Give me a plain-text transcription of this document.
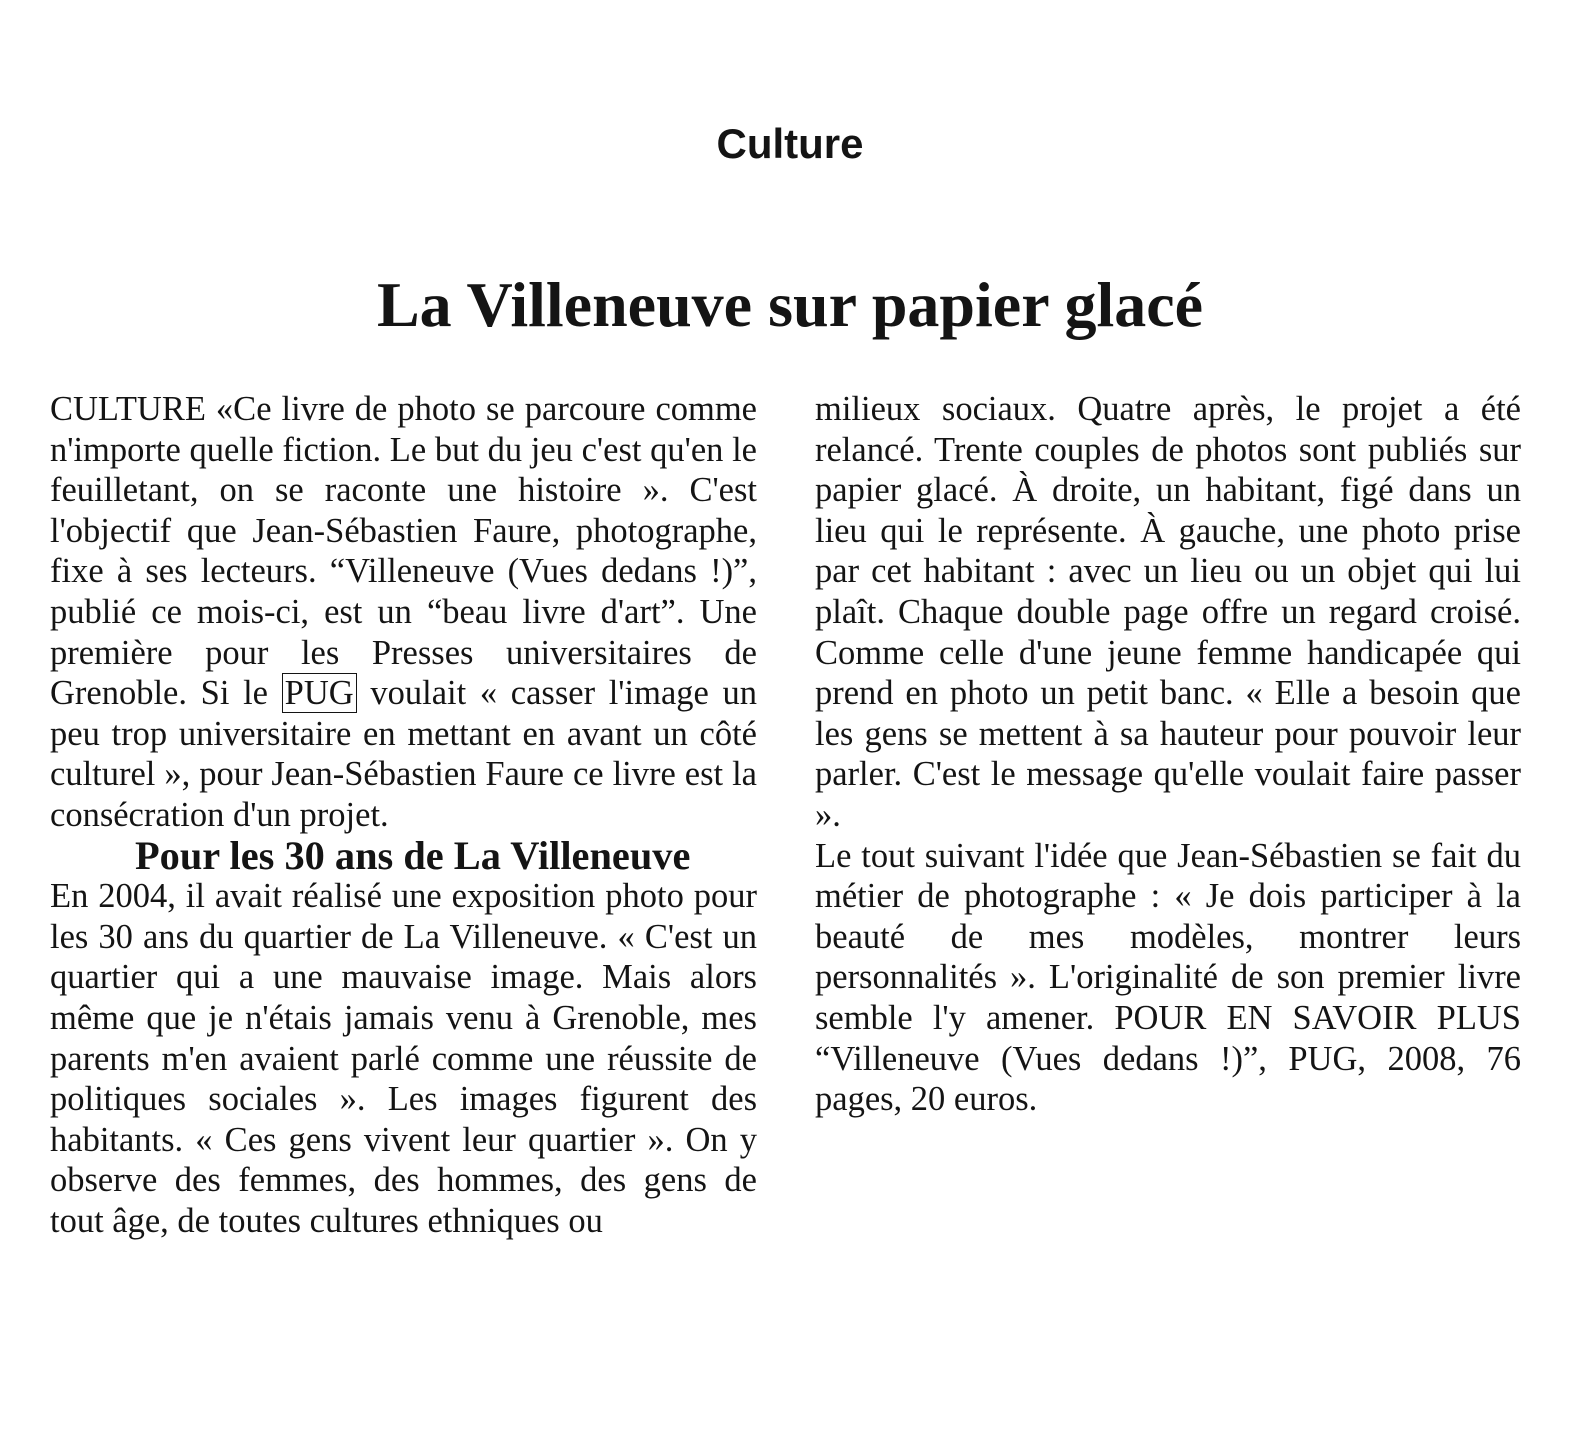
Culture
La Villeneuve sur papier glacé

CULTURE «Ce livre de photo se parcoure comme n'importe quelle fiction. Le but du jeu c'est qu'en le feuilletant, on se raconte une histoire ». C'est l'objectif que Jean-Sébastien Faure, photographe, fixe à ses lecteurs. “Villeneuve (Vues dedans !)”, publié ce mois-ci, est un “beau livre d'art”. Une première pour les Presses universitaires de Grenoble. Si le PUG voulait « casser l'image un peu trop universitaire en mettant en avant un côté culturel », pour Jean-Sébastien Faure ce livre est la consécration d'un projet.

Pour les 30 ans de La Villeneuve

En 2004, il avait réalisé une exposition photo pour les 30 ans du quartier de La Villeneuve. « C'est un quartier qui a une mauvaise image. Mais alors même que je n'étais jamais venu à Grenoble, mes parents m'en avaient parlé comme une réussite de politiques sociales ». Les images figurent des habitants. « Ces gens vivent leur quartier ». On y observe des femmes, des hommes, des gens de tout âge, de toutes cultures ethniques ou

milieux sociaux. Quatre après, le projet a été relancé. Trente couples de photos sont publiés sur papier glacé. À droite, un habitant, figé dans un lieu qui le représente. À gauche, une photo prise par cet habitant : avec un lieu ou un objet qui lui plaît. Chaque double page offre un regard croisé. Comme celle d'une jeune femme handicapée qui prend en photo un petit banc. « Elle a besoin que les gens se mettent à sa hauteur pour pouvoir leur parler. C'est le message qu'elle voulait faire passer ».

Le tout suivant l'idée que Jean-Sébastien se fait du métier de photographe : « Je dois participer à la beauté de mes modèles, montrer leurs personnalités ». L'originalité de son premier livre semble l'y amener. POUR EN SAVOIR PLUS “Villeneuve (Vues dedans !)”, PUG, 2008, 76 pages, 20 euros.
